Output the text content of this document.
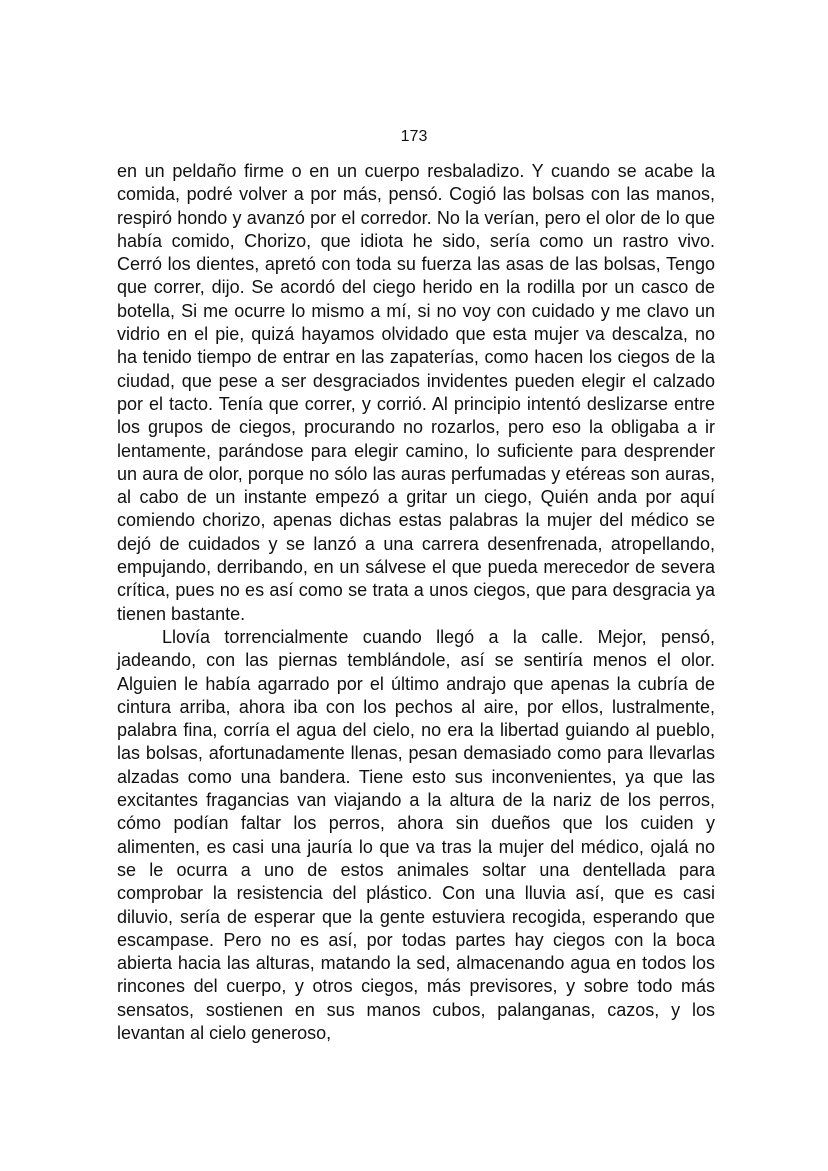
173

en un peldaño firme o en un cuerpo resbaladizo. Y cuando se acabe la comida, podré volver a por más, pensó. Cogió las bolsas con las manos, respiró hondo y avanzó por el corredor. No la verían, pero el olor de lo que había comido, Chorizo, que idiota he sido, sería como un rastro vivo. Cerró los dientes, apretó con toda su fuerza las asas de las bolsas, Tengo que correr, dijo. Se acordó del ciego herido en la rodilla por un casco de botella, Si me ocurre lo mismo a mí, si no voy con cuidado y me clavo un vidrio en el pie, quizá hayamos olvidado que esta mujer va descalza, no ha tenido tiempo de entrar en las zapaterías, como hacen los ciegos de la ciudad, que pese a ser desgraciados invidentes pueden elegir el calzado por el tacto. Tenía que correr, y corrió. Al principio intentó deslizarse entre los grupos de ciegos, procurando no rozarlos, pero eso la obligaba a ir lentamente, parándose para elegir camino, lo suficiente para desprender un aura de olor, porque no sólo las auras perfumadas y etéreas son auras, al cabo de un instante empezó a gritar un ciego, Quién anda por aquí comiendo chorizo, apenas dichas estas palabras la mujer del médico se dejó de cuidados y se lanzó a una carrera desenfrenada, atropellando, empujando, derribando, en un sálvese el que pueda merecedor de severa crítica, pues no es así como se trata a unos ciegos, que para desgracia ya tienen bastante.

Llovía torrencialmente cuando llegó a la calle. Mejor, pensó, jadeando, con las piernas temblándole, así se sentiría menos el olor. Alguien le había agarrado por el último andrajo que apenas la cubría de cintura arriba, ahora iba con los pechos al aire, por ellos, lustralmente, palabra fina, corría el agua del cielo, no era la libertad guiando al pueblo, las bolsas, afortunadamente llenas, pesan demasiado como para llevarlas alzadas como una bandera. Tiene esto sus inconvenientes, ya que las excitantes fragancias van viajando a la altura de la nariz de los perros, cómo podían faltar los perros, ahora sin dueños que los cuiden y alimenten, es casi una jauría lo que va tras la mujer del médico, ojalá no se le ocurra a uno de estos animales soltar una dentellada para comprobar la resistencia del plástico. Con una lluvia así, que es casi diluvio, sería de esperar que la gente estuviera recogida, esperando que escampase. Pero no es así, por todas partes hay ciegos con la boca abierta hacia las alturas, matando la sed, almacenando agua en todos los rincones del cuerpo, y otros ciegos, más previsores, y sobre todo más sensatos, sostienen en sus manos cubos, palanganas, cazos, y los levantan al cielo generoso,
